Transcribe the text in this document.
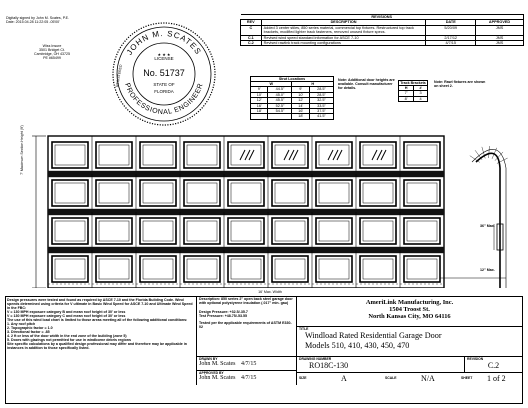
Digitally signed by John M. Scates, P.E.
Date: 2015.04.28 11:22:05 -05'00'
Wiss Insure
3501 Bridget Ct.
Cambridge, OH 43725
PE #65499
JOHN M. SCATES
PROFESSIONAL ENGINEER
LICENSE
No. 51737
STATE OF
FLORIDA
★ ★ ★
REGISTERED
REVISIONS			
REV	DESCRIPTION	DATE	APPROVED
C	Added 3 center stiles, 850 series material, commercial top fixtures. Restructured top track brackets, modified lighter track fasteners, removed unused fixture specs.	5/20/09	JMS
C.1	Revised wind speed standard information for ASCE 7-10	2/17/12	JMS
C.2	Revised rawlink track mounting configurations	4/7/15	JMS
Strut Locations
W		H	
9'	44.5"	9'	28.5"
10'	45.0"	10'	28.5"
12'	45.5"	12'	32.5"
16'	52.5"	14'	33.5"
18'	54.5"	16'	37.5"
		18'	41.5"
Note: Additional door heights are available. Consult manufacturer for details.
Track Brackets
H	#
7'	3
8'	4
Note: Rawl fixtures are shown on sheet 2.
7' Maximum Section Height (9')
16' Max. Width
36" Max.
12" Max.
Design pressures were tested and found as required by ASCE 7-10 and the Florida Building Code. Wind speeds determined using criteria for V ultimate in Basic Wind Speed for ASCE 7-10 and Ultimate Wind Speed in the FBC:
V = 130 MPH exposure category B and mean roof height of 30' or less
V = 130 MPH exposure category C and mean roof height of 30' or less
The use of this wind load chart is limited to those areas meeting all of the following additional conditions:
1. Any roof pitch
2. Topographic factor = 1.0
3. Directional factor = .85
4. 2 ft or less of the door width in the end zone of the building (zone 5)
5. Doors with glazings not permitted for use in windborne debris regions
Site specific calculations by a qualified design professional may differ and therefore may be applicable in instances in addition to those specifically listed.
Description: 850 series 2" open back steel garage door with optional polystyrene insulation (.017" min. gau)
Design Pressure: +32.5/-35.7
Test Pressure: +48.75/-53.55
Tested per the applicable requirements of ASTM E330-02
DRAWN BY
John M. Scates 4/7/15
APPROVED BY
John M. Scates 4/7/15
AmeriLink Manufacturing, Inc.
1504 Troost St.
North Kansas City, MO 64116
TITLE
Windload Rated Residential Garage Door
Models 510, 410, 430, 450, 470
DRAWING NUMBER
RO18C-130
REVISION
C.2
SIZE	A	SCALE	N/A	SHEET 1 of 2
